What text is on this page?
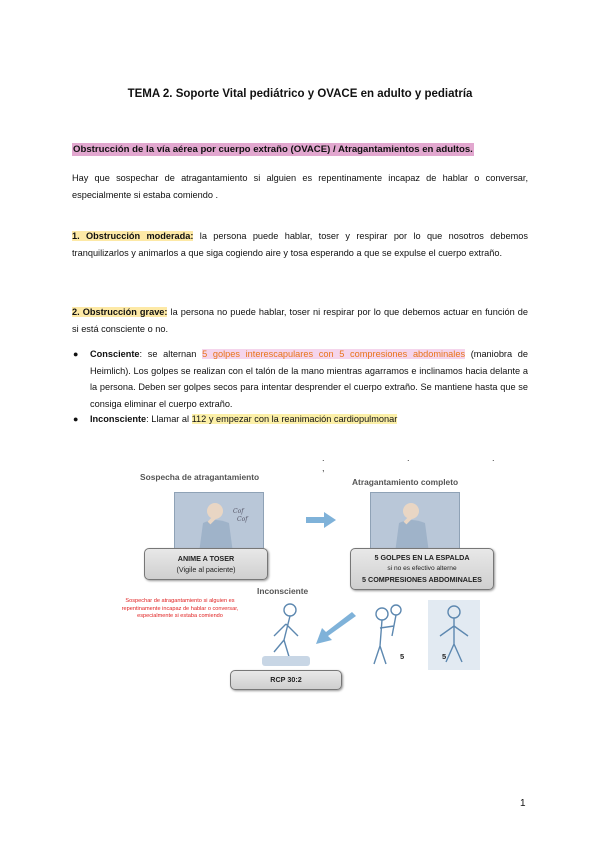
TEMA 2. Soporte Vital pediátrico y OVACE en adulto y pediatría
Obstrucción de la vía aérea por cuerpo extraño (OVACE) / Atragantamientos en adultos.
Hay que sospechar de atragantamiento si alguien es repentinamente incapaz de hablar o conversar, especialmente si estaba comiendo .
1. Obstrucción moderada: la persona puede hablar, toser y respirar por lo que nosotros debemos tranquilizarlos y animarlos a que siga cogiendo aire y tosa esperando a que se expulse el cuerpo extraño.
2. Obstrucción grave: la persona no puede hablar, toser ni respirar por lo que debemos actuar en función de si está consciente o no.
● Consciente: se alternan 5 golpes interescapulares con 5 compresiones abdominales (maniobra de Heimlich). Los golpes se realizan con el talón de la mano mientras agarramos e inclinamos hacia delante a la persona. Deben ser golpes secos para intentar desprender el cuerpo extraño. Se mantiene hasta que se consiga eliminar el cuerpo extraño.
● Inconsciente: Llamar al 112 y empezar con la reanimación cardiopulmonar
. . . ,
Sospecha de atragantamiento	Atragantamiento completo
Cof
Cof
ANIME A TOSER
(Vigile al paciente)
5 GOLPES EN LA ESPALDA
si no es efectivo alterne
5 COMPRESIONES ABDOMINALES
Inconsciente
Sospechar de atragantamiento si alguien es repentinamente incapaz de hablar o conversar, especialmente si estaba comiendo
5	5
RCP 30:2
1
